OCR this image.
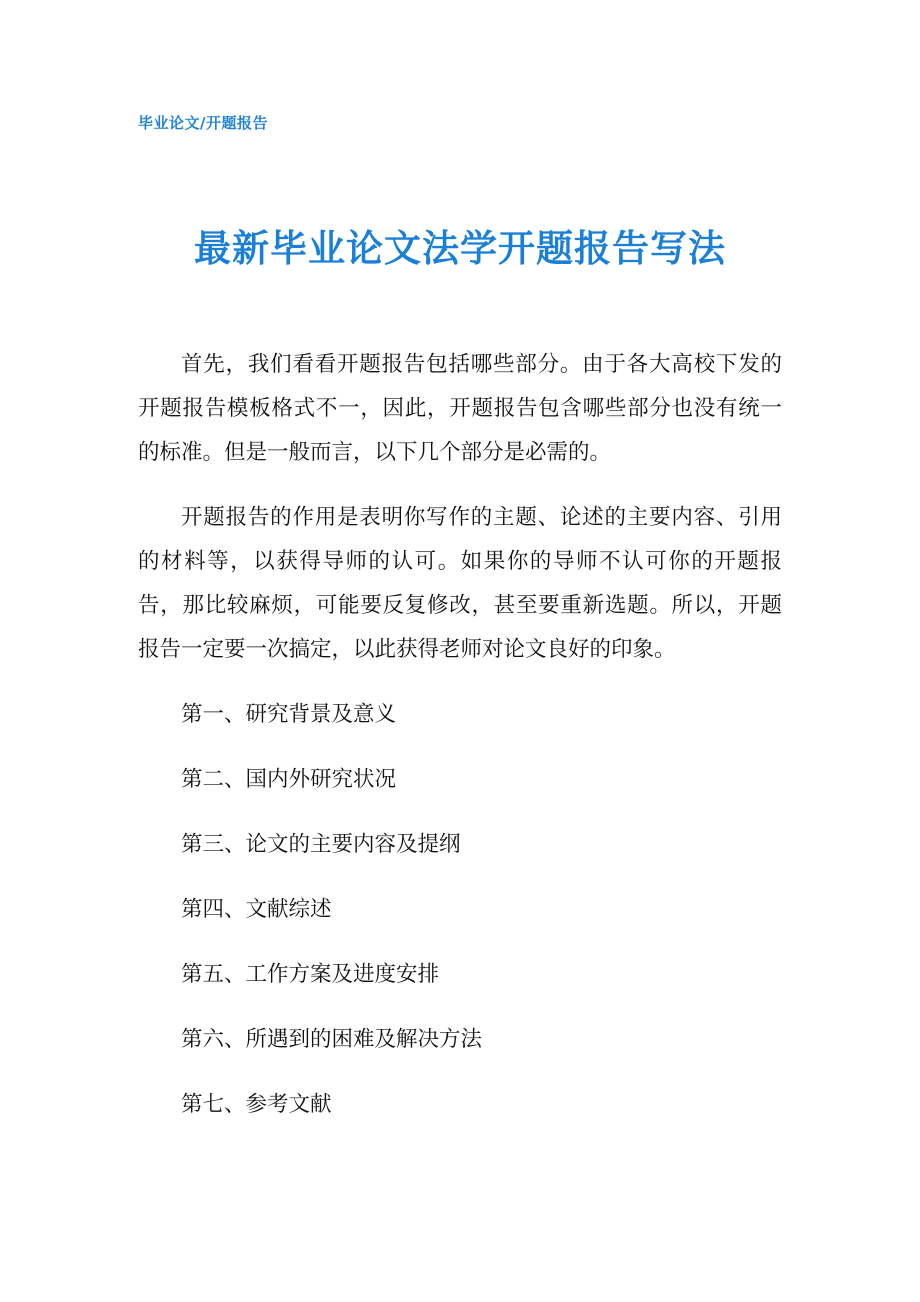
毕业论文/开题报告
最新毕业论文法学开题报告写法

首先，我们看看开题报告包括哪些部分。由于各大高校下发的开题报告模板格式不一，因此，开题报告包含哪些部分也没有统一的标准。但是一般而言，以下几个部分是必需的。

开题报告的作用是表明你写作的主题、论述的主要内容、引用的材料等，以获得导师的认可。如果你的导师不认可你的开题报告，那比较麻烦，可能要反复修改，甚至要重新选题。所以，开题报告一定要一次搞定，以此获得老师对论文良好的印象。

第一、研究背景及意义
第二、国内外研究状况
第三、论文的主要内容及提纲
第四、文献综述
第五、工作方案及进度安排
第六、所遇到的困难及解决方法
第七、参考文献
